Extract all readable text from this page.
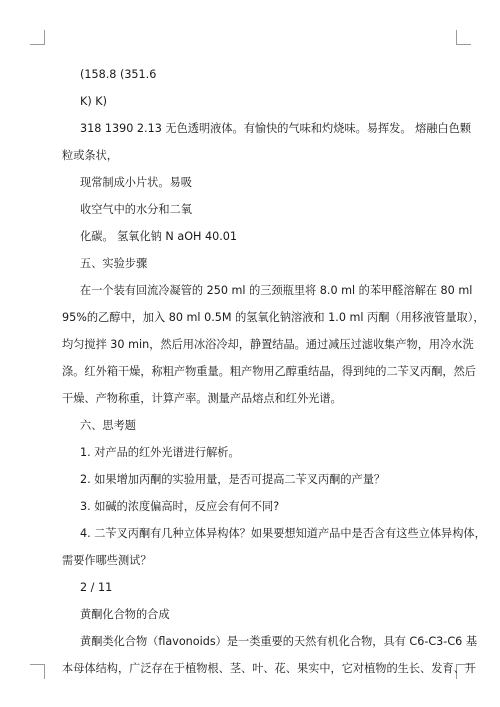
(158.8 (351.6
K) K)
318 1390 2.13 无色透明液体。有愉快的气味和灼烧味。易挥发。 熔融白色颗
粒或条状，
现常制成小片状。易吸
收空气中的水分和二氧
化碳。 氢氧化钠 N aOH 40.01
五、实验步骤
在一个装有回流冷凝管的 250 ml 的三颈瓶里将 8.0 ml 的苯甲醛溶解在 80 ml
95%的乙醇中，加入 80 ml 0.5M 的氢氧化钠溶液和 1.0 ml 丙酮（用移液管量取），
均匀搅拌 30 min，然后用冰浴冷却，静置结晶。通过减压过滤收集产物，用冷水洗
涤。红外箱干燥，称粗产物重量。粗产物用乙醇重结晶，得到纯的二苄叉丙酮，然后
干燥、产物称重，计算产率。测量产品熔点和红外光谱。
六、思考题
1. 对产品的红外光谱进行解析。
2. 如果增加丙酮的实验用量，是否可提高二苄叉丙酮的产量？
3. 如碱的浓度偏高时，反应会有何不同?
4. 二苄叉丙酮有几种立体异构体？如果要想知道产品中是否含有这些立体异构体，
需要作哪些测试？
2 / 11
黄酮化合物的合成
黄酮类化合物（flavonoids）是一类重要的天然有机化合物，具有 C6-C3-C6 基
本母体结构，广泛存在于植物根、茎、叶、花、果实中，它对植物的生长、发育、开
